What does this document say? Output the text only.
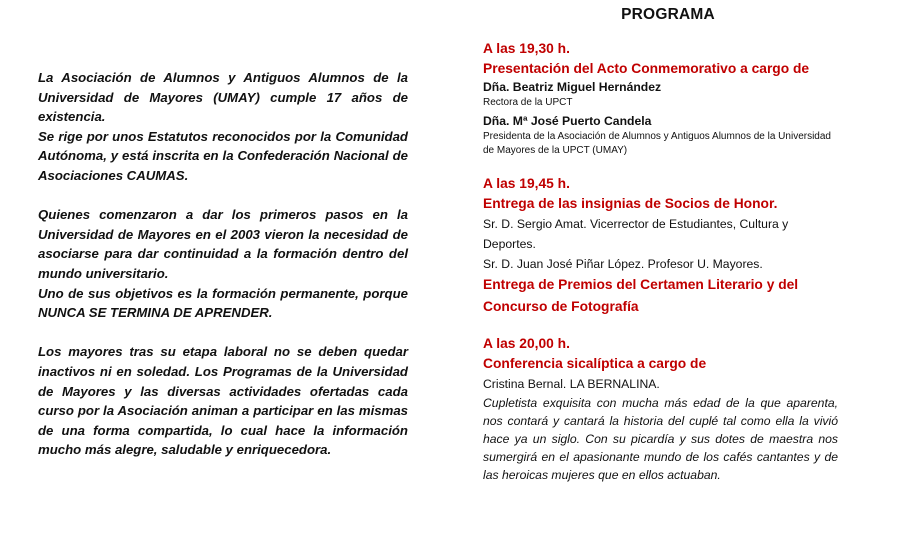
La Asociación de Alumnos y Antiguos Alumnos de la Universidad de Mayores (UMAY) cumple 17 años de existencia.

Se rige por unos Estatutos reconocidos por la Comunidad Autónoma, y está inscrita en la Confederación Nacional de Asociaciones CAUMAS.

Quienes comenzaron a dar los primeros pasos en la Universidad de Mayores en el 2003 vieron la necesidad de asociarse para dar continuidad a la formación dentro del mundo universitario.

Uno de sus objetivos es la formación permanente, porque NUNCA SE TERMINA DE APRENDER.

Los mayores tras su etapa laboral no se deben quedar inactivos ni en soledad. Los Programas de la Universidad de Mayores y las diversas actividades ofertadas cada curso por la Asociación animan a participar en las mismas de una forma compartida, lo cual hace la información mucho más alegre, saludable y enriquecedora.

PROGRAMA
A las 19,30 h.
Presentación del Acto Conmemorativo a cargo de
Dña. Beatriz Miguel Hernández
Rectora de la UPCT
Dña. Mª José Puerto Candela
Presidenta de la Asociación de Alumnos y Antiguos Alumnos de la Universidad de Mayores de la UPCT (UMAY)
A las 19,45 h.
Entrega de las insignias de Socios de Honor.
Sr. D. Sergio Amat. Vicerrector de Estudiantes, Cultura y Deportes.
Sr. D. Juan José Piñar López. Profesor U. Mayores.
Entrega de Premios del Certamen Literario y del Concurso de Fotografía
A las 20,00 h.
Conferencia sicalíptica a cargo de
Cristina Bernal. LA BERNALINA.
Cupletista exquisita con mucha más edad de la que aparenta, nos contará y cantará la historia del cuplé tal como ella la vivió hace ya un siglo. Con su picardía y sus dotes de maestra nos sumergirá en el apasionante mundo de los cafés cantantes y de las heroicas mujeres que en ellos actuaban.
